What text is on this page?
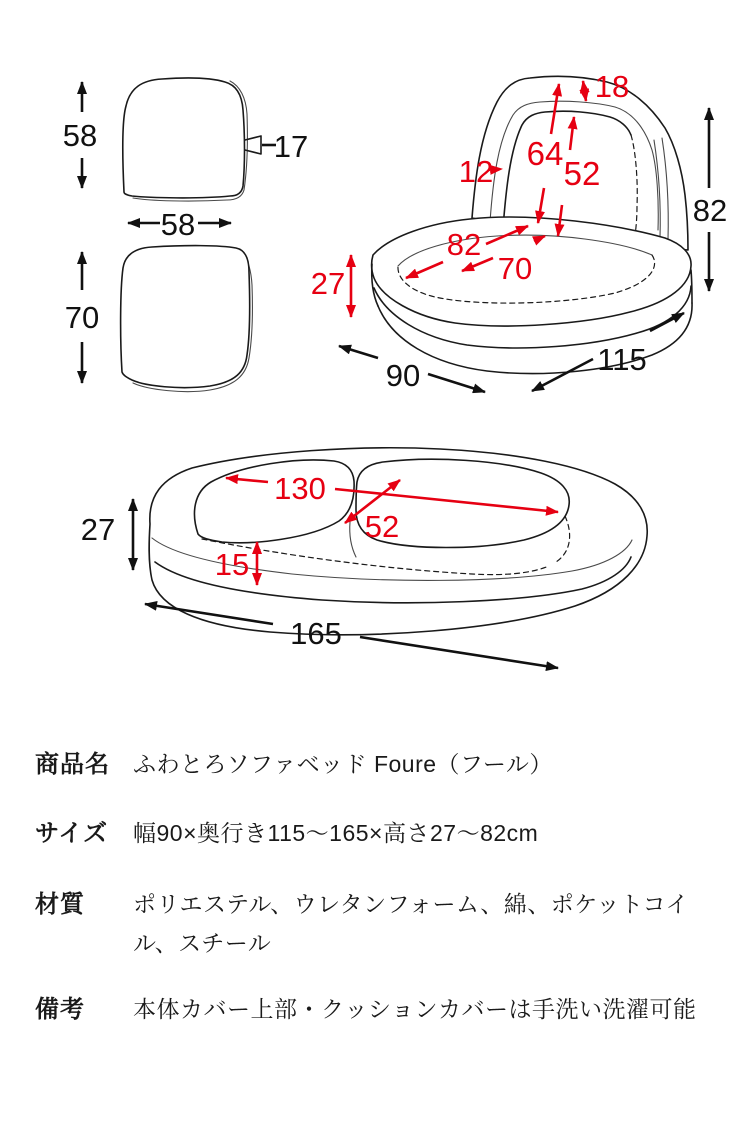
58
58
17
70
18
12 64
52
82
70
27
82
90	115
130
52
15
27
165
商品名 ふわとろソファベッド Foure（フール）
サイズ 幅90×奥行き115～165×高さ27～82cm
材質 ポリエステル、ウレタンフォーム、綿、ポケットコイル、スチール
備考 本体カバー上部・クッションカバーは手洗い洗濯可能
